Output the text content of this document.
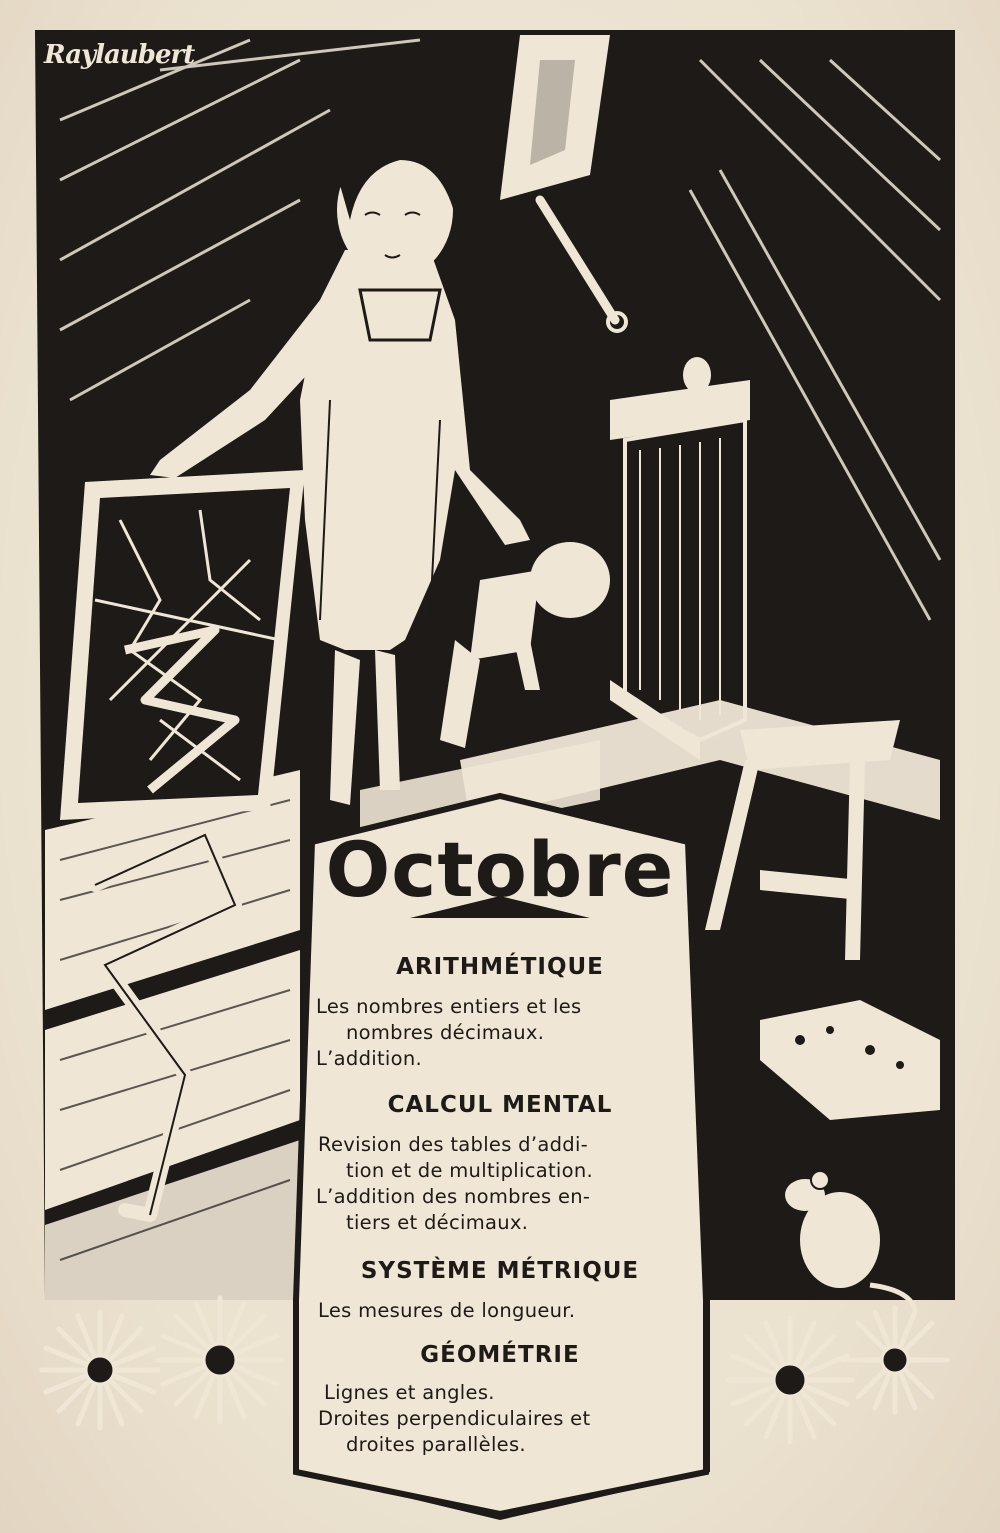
Raylaubert
Octobre
ARITHMÉTIQUE

Les nombres entiers et les

nombres décimaux.

L’addition.

CALCUL MENTAL

Revision des tables d’addi-

tion et de multiplication.

L’addition des nombres en-

tiers et décimaux.

SYSTÈME MÉTRIQUE

Les mesures de longueur.

GÉOMÉTRIE

Lignes et angles.

Droites perpendiculaires et

droites parallèles.
